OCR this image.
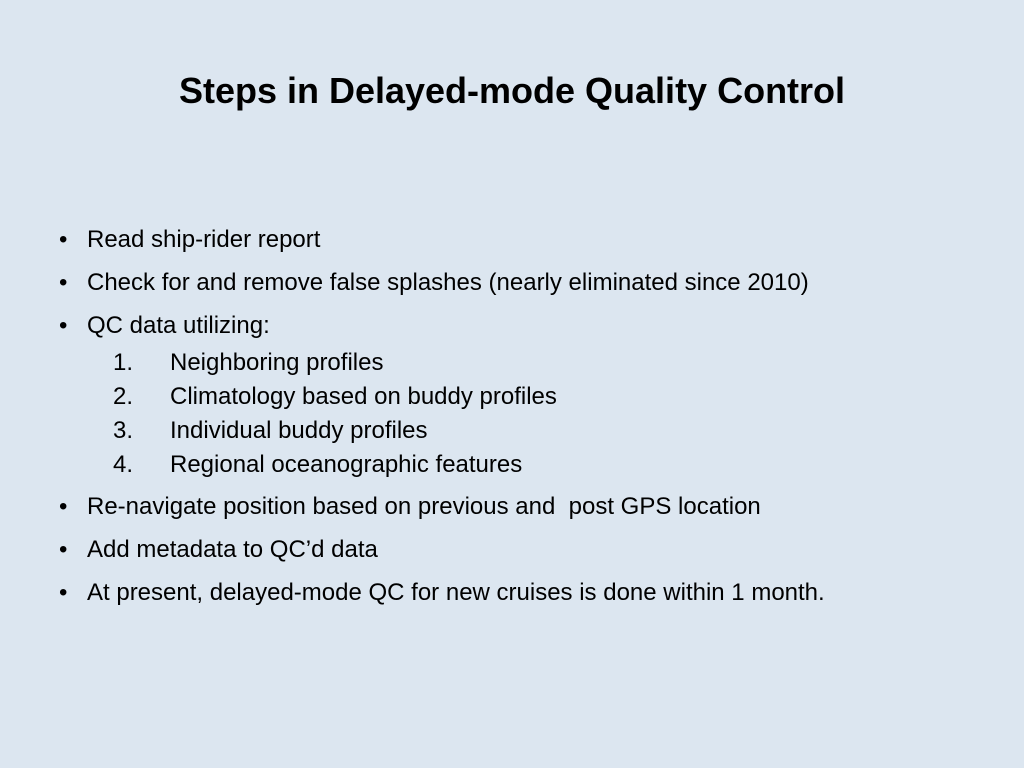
Steps in Delayed-mode Quality Control
• Read ship-rider report
• Check for and remove false splashes (nearly eliminated since 2010)
• QC data utilizing:
1.	Neighboring profiles
2.	Climatology based on buddy profiles
3.	Individual buddy profiles
4.	Regional oceanographic features
• Re-navigate position based on previous and  post GPS location
• Add metadata to QC’d data
• At present, delayed-mode QC for new cruises is done within 1 month.
